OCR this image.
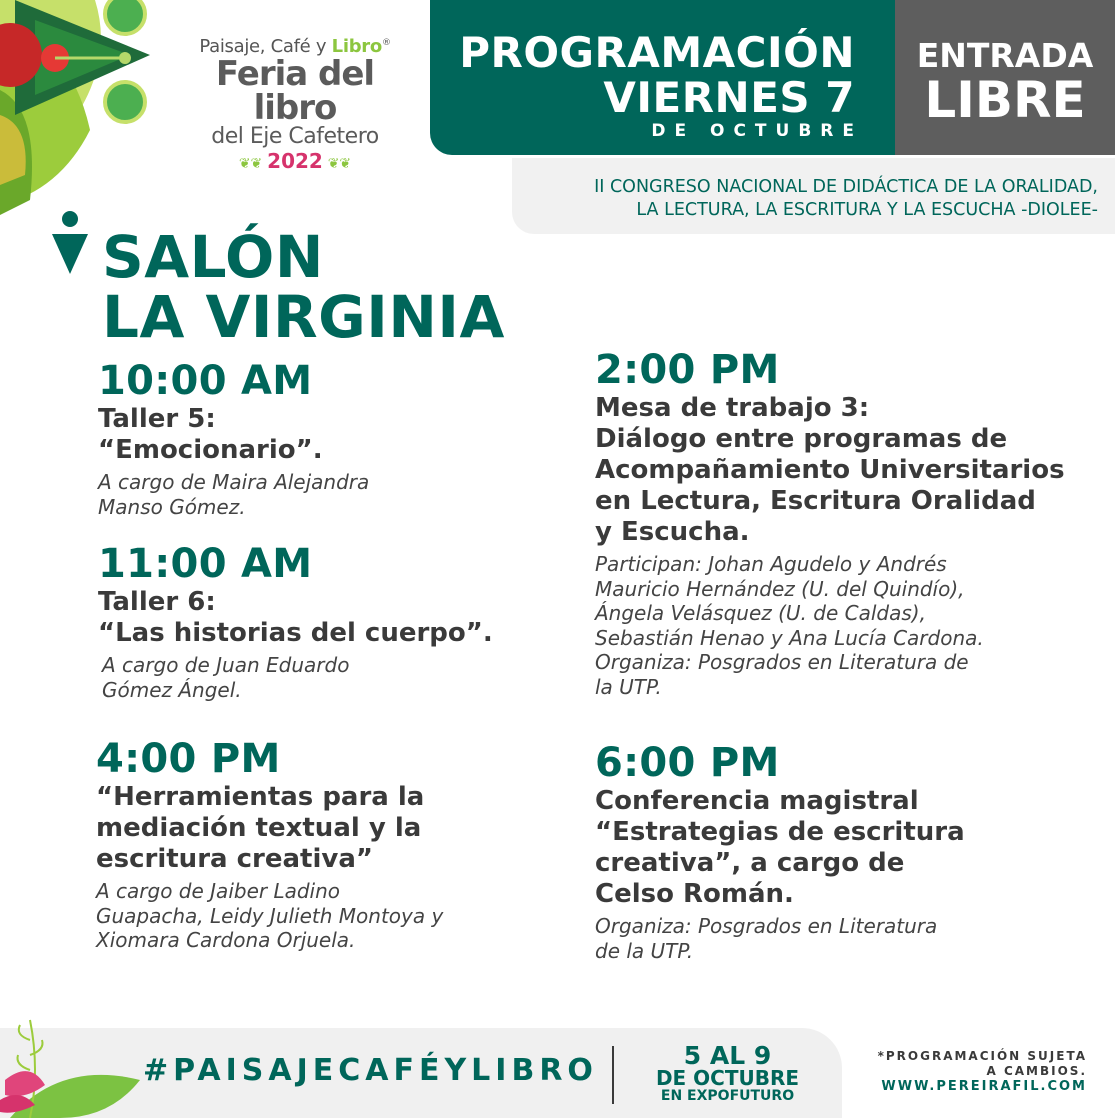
Paisaje, Café y Libro®
Feria del libro
del Eje Cafetero
❦❦ 2022 ❦❦
PROGRAMACIÓN
VIERNES 7
DE OCTUBRE
ENTRADA
LIBRE
II CONGRESO NACIONAL DE DIDÁCTICA DE LA ORALIDAD,
LA LECTURA, LA ESCRITURA Y LA ESCUCHA -DIOLEE-
SALÓN
LA VIRGINIA
10:00 AM
Taller 5:
“Emocionario”.
A cargo de Maira Alejandra
Manso Gómez.
11:00 AM
Taller 6:
“Las historias del cuerpo”.
A cargo de Juan Eduardo
Gómez Ángel.
4:00 PM
“Herramientas para la
mediación textual y la
escritura creativa”
A cargo de Jaiber Ladino
Guapacha, Leidy Julieth Montoya y
Xiomara Cardona Orjuela.
2:00 PM
Mesa de trabajo 3:
Diálogo entre programas de
Acompañamiento Universitarios
en Lectura, Escritura Oralidad
y Escucha.
Participan: Johan Agudelo y Andrés
Mauricio Hernández (U. del Quindío),
Ángela Velásquez (U. de Caldas),
Sebastián Henao y Ana Lucía Cardona.
Organiza: Posgrados en Literatura de
la UTP.
6:00 PM
Conferencia magistral
“Estrategias de escritura
creativa”, a cargo de
Celso Román.
Organiza: Posgrados en Literatura
de la UTP.
#PAISAJECAFÉYLIBRO	5 AL 9
DE OCTUBRE
EN EXPOFUTURO
*PROGRAMACIÓN SUJETA
A CAMBIOS.
WWW.PEREIRAFIL.COM
